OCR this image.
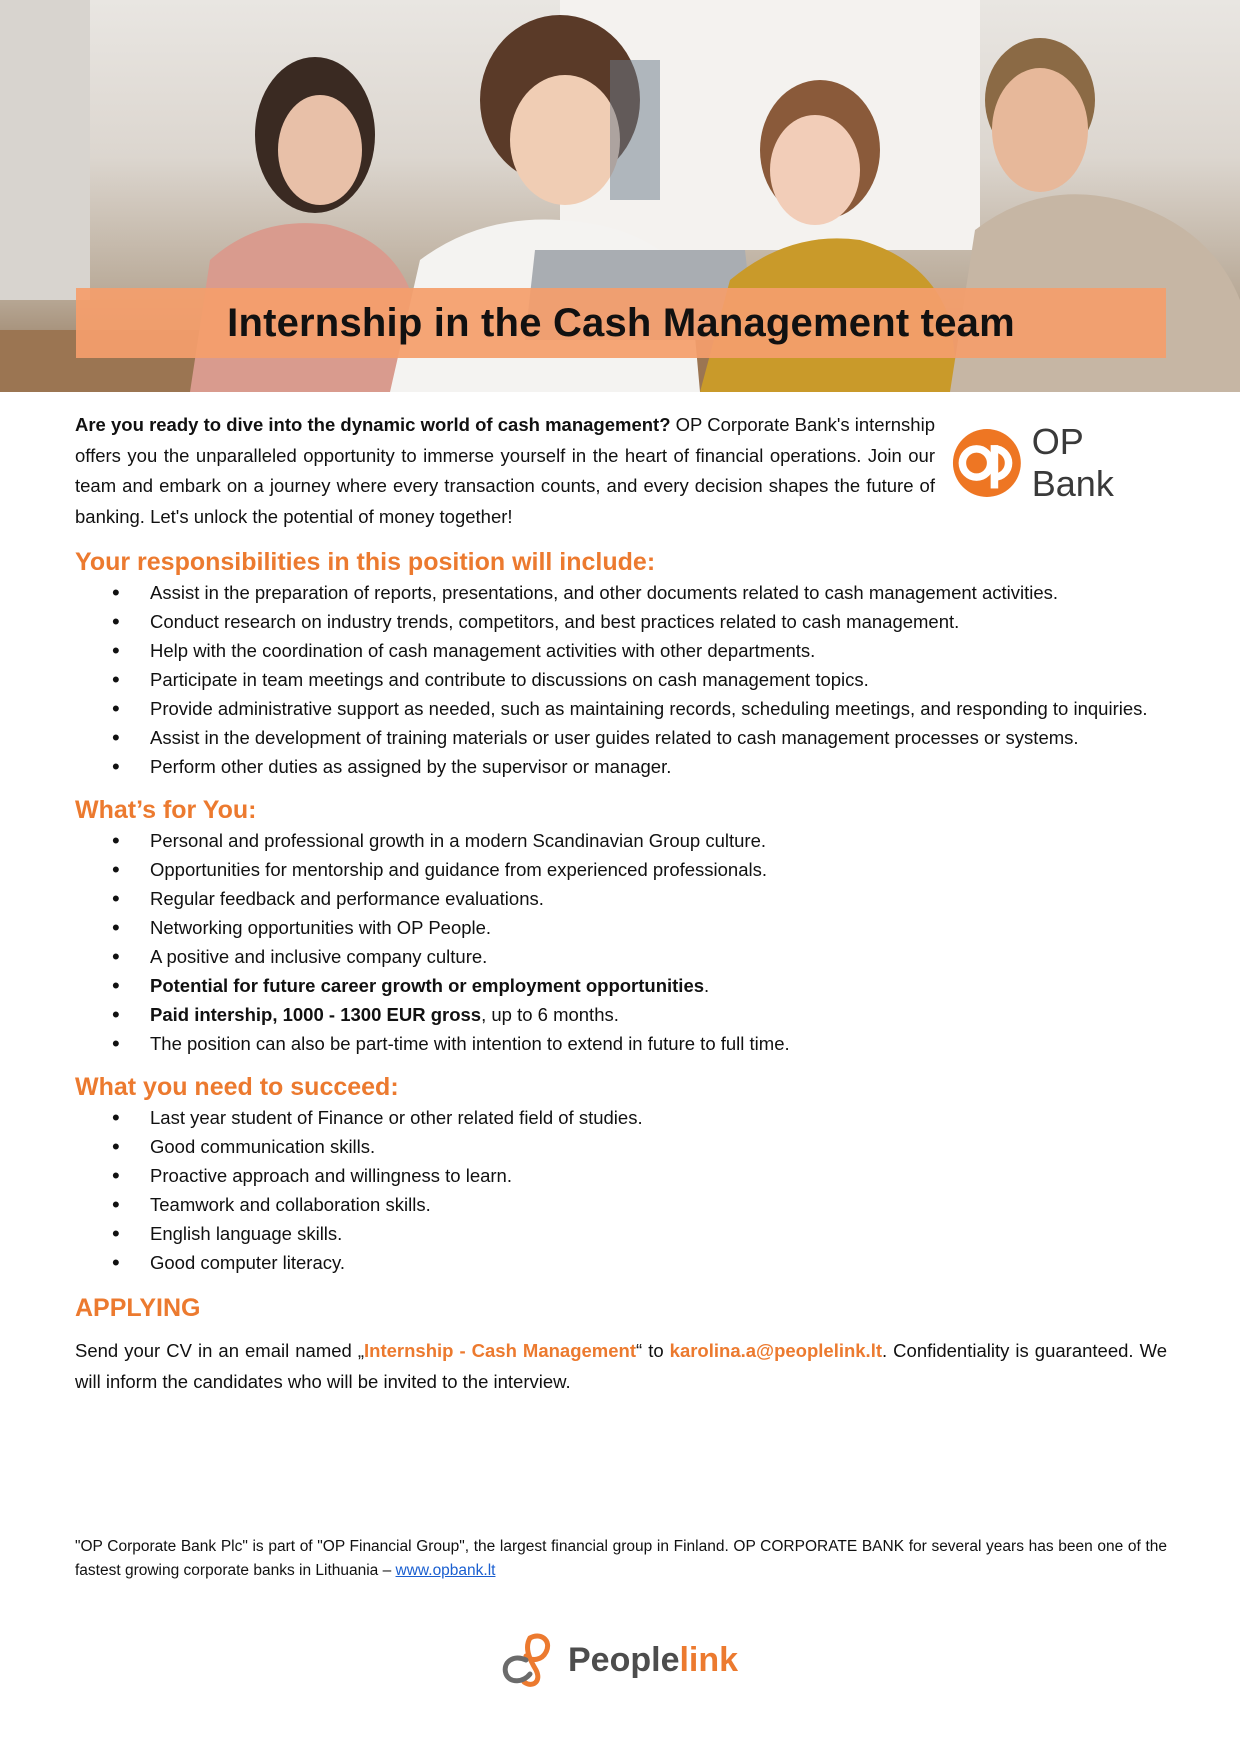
Internship in the Cash Management team

Are you ready to dive into the dynamic world of cash management? OP Corporate Bank's internship offers you the unparalleled opportunity to immerse yourself in the heart of financial operations. Join our team and embark on a journey where every transaction counts, and every decision shapes the future of banking. Let's unlock the potential of money together!

OP Bank
Your responsibilities in this position will include:
• Assist in the preparation of reports, presentations, and other documents related to cash management activities.
• Conduct research on industry trends, competitors, and best practices related to cash management.
• Help with the coordination of cash management activities with other departments.
• Participate in team meetings and contribute to discussions on cash management topics.
• Provide administrative support as needed, such as maintaining records, scheduling meetings, and responding to inquiries.
• Assist in the development of training materials or user guides related to cash management processes or systems.
• Perform other duties as assigned by the supervisor or manager.
What’s for You:
• Personal and professional growth in a modern Scandinavian Group culture.
• Opportunities for mentorship and guidance from experienced professionals.
• Regular feedback and performance evaluations.
• Networking opportunities with OP People.
• A positive and inclusive company culture.
• Potential for future career growth or employment opportunities.
• Paid intership, 1000 - 1300 EUR gross, up to 6 months.
• The position can also be part-time with intention to extend in future to full time.
What you need to succeed:
• Last year student of Finance or other related field of studies.
• Good communication skills.
• Proactive approach and willingness to learn.
• Teamwork and collaboration skills.
• English language skills.
• Good computer literacy.
APPLYING
Send your CV in an email named „Internship - Cash Management“ to karolina.a@peoplelink.lt. Confidentiality is guaranteed. We will inform the candidates who will be invited to the interview.
"OP Corporate Bank Plc" is part of "OP Financial Group", the largest financial group in Finland. OP CORPORATE BANK for several years has been one of the fastest growing corporate banks in Lithuania – www.opbank.lt
Peoplelink
